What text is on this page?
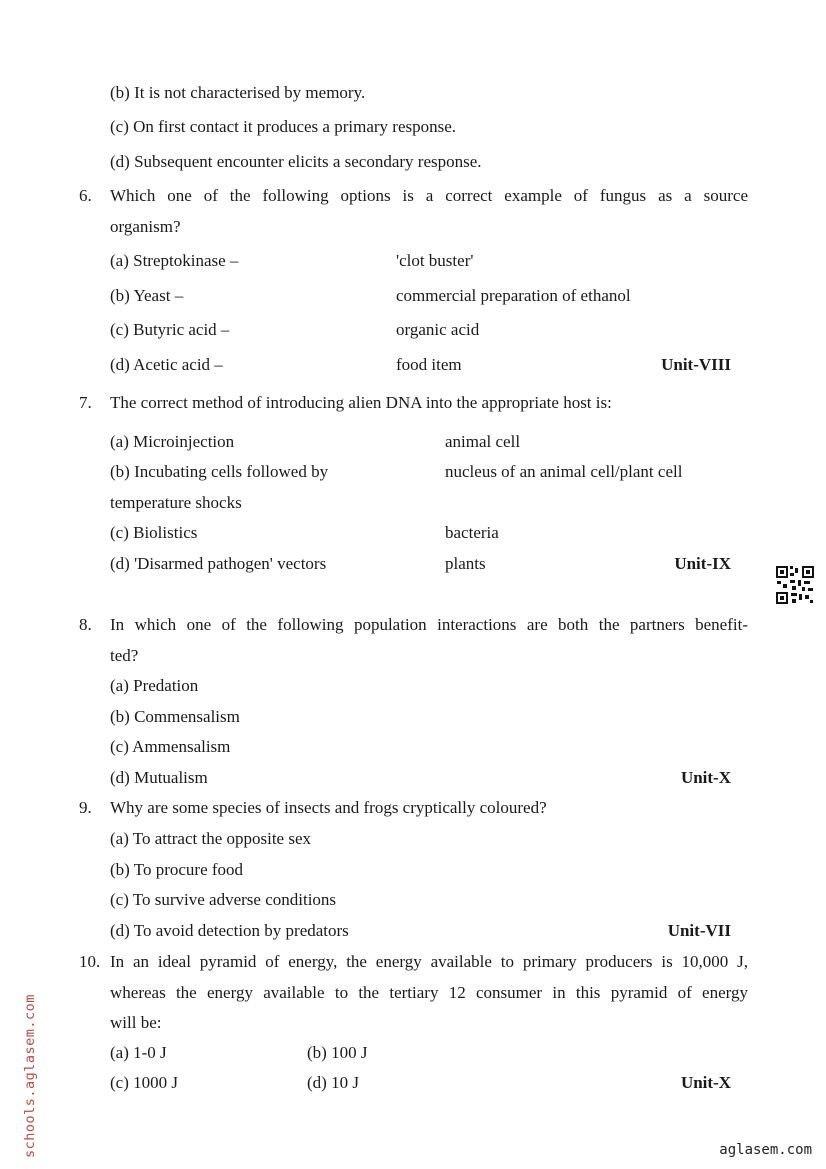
(b) It is not characterised by memory.
(c) On first contact it produces a primary response.
(d) Subsequent encounter elicits a secondary response.
6. Which one of the following options is a correct example of fungus as a source
organism?
(a) Streptokinase –	'clot buster'
(b) Yeast –	commercial preparation of ethanol
(c) Butyric acid –	organic acid
(d) Acetic acid –	food item	Unit-VIII
7. The correct method of introducing alien DNA into the appropriate host is:
(a) Microinjection	animal cell
(b) Incubating cells followed by	nucleus of an animal cell/plant cell
temperature shocks
(c) Biolistics	bacteria
(d) 'Disarmed pathogen' vectors	plants	Unit-IX
8. In which one of the following population interactions are both the partners benefit-
ted?
(a) Predation
(b) Commensalism
(c) Ammensalism
(d) Mutualism	Unit-X
9. Why are some species of insects and frogs cryptically coloured?
(a) To attract the opposite sex
(b) To procure food
(c) To survive adverse conditions
(d) To avoid detection by predators	Unit-VII
10. In an ideal pyramid of energy, the energy available to primary producers is 10,000 J,
whereas the energy available to the tertiary 12 consumer in this pyramid of energy
will be:
(a) 1-0 J	(b) 100 J
(c) 1000 J	(d) 10 J	Unit-X
schools.aglasem.com	aglasem.com
